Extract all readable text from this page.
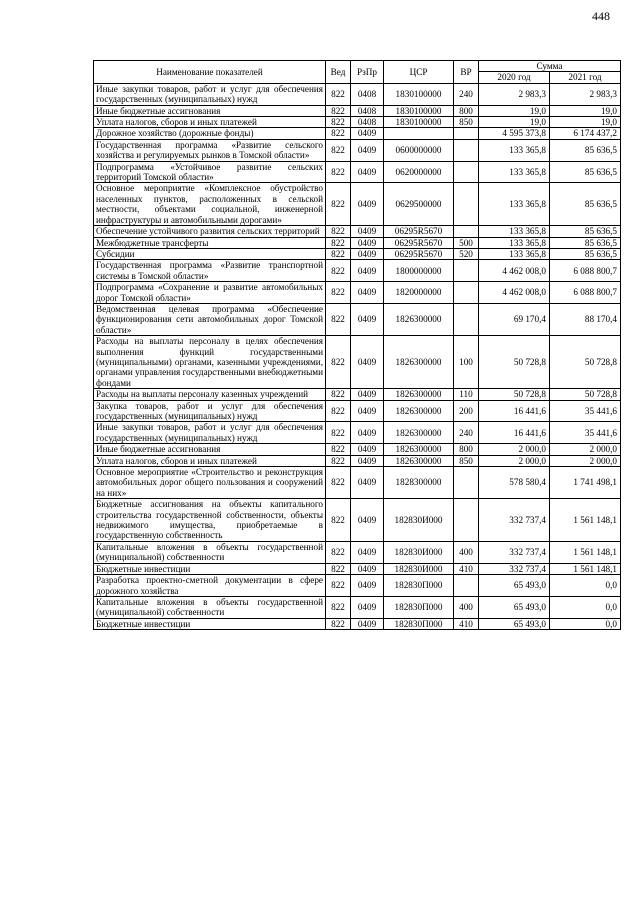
448
Наименование показателей	Вед	РзПр	ЦСР	ВР	Сумма	
					2020 год	2021 год
Иные закупки товаров, работ и услуг для обеспечения государственных (муниципальных) нужд	822	0408	1830100000	240	2 983,3	2 983,3
Иные бюджетные ассигнования	822	0408	1830100000	800	19,0	19,0
Уплата налогов, сборов и иных платежей	822	0408	1830100000	850	19,0	19,0
Дорожное хозяйство (дорожные фонды)	822	0409			4 595 373,8	6 174 437,2
Государственная программа «Развитие сельского хозяйства и регулируемых рынков в Томской области»	822	0409	0600000000		133 365,8	85 636,5
Подпрограмма «Устойчивое развитие сельских территорий Томской области»	822	0409	0620000000		133 365,8	85 636,5
Основное мероприятие «Комплексное обустройство населенных пунктов, расположенных в сельской местности, объектами социальной, инженерной инфраструктуры и автомобильными дорогами»	822	0409	0629500000		133 365,8	85 636,5
Обеспечение устойчивого развития сельских территорий	822	0409	06295R5670		133 365,8	85 636,5
Межбюджетные трансферты	822	0409	06295R5670	500	133 365,8	85 636,5
Субсидии	822	0409	06295R5670	520	133 365,8	85 636,5
Государственная программа «Развитие транспортной системы в Томской области»	822	0409	1800000000		4 462 008,0	6 088 800,7
Подпрограмма «Сохранение и развитие автомобильных дорог Томской области»	822	0409	1820000000		4 462 008,0	6 088 800,7
Ведомственная целевая программа «Обеспечение функционирования сети автомобильных дорог Томской области»	822	0409	1826300000		69 170,4	88 170,4
Расходы на выплаты персоналу в целях обеспечения выполнения функций государственными (муниципальными) органами, казенными учреждениями, органами управления государственными внебюджетными фондами	822	0409	1826300000	100	50 728,8	50 728,8
Расходы на выплаты персоналу казенных учреждений	822	0409	1826300000	110	50 728,8	50 728,8
Закупка товаров, работ и услуг для обеспечения государственных (муниципальных) нужд	822	0409	1826300000	200	16 441,6	35 441,6
Иные закупки товаров, работ и услуг для обеспечения государственных (муниципальных) нужд	822	0409	1826300000	240	16 441,6	35 441,6
Иные бюджетные ассигнования	822	0409	1826300000	800	2 000,0	2 000,0
Уплата налогов, сборов и иных платежей	822	0409	1826300000	850	2 000,0	2 000,0
Основное мероприятие «Строительство и реконструкция автомобильных дорог общего пользования и сооружений на них»	822	0409	1828300000		578 580,4	1 741 498,1
Бюджетные ассигнования на объекты капитального строительства государственной собственности, объекты недвижимого имущества, приобретаемые в государственную собственность	822	0409	182830И000		332 737,4	1 561 148,1
Капитальные вложения в объекты государственной (муниципальной) собственности	822	0409	182830И000	400	332 737,4	1 561 148,1
Бюджетные инвестиции	822	0409	182830И000	410	332 737,4	1 561 148,1
Разработка проектно-сметной документации в сфере дорожного хозяйства	822	0409	182830П000		65 493,0	0,0
Капитальные вложения в объекты государственной (муниципальной) собственности	822	0409	182830П000	400	65 493,0	0,0
Бюджетные инвестиции	822	0409	182830П000	410	65 493,0	0,0
